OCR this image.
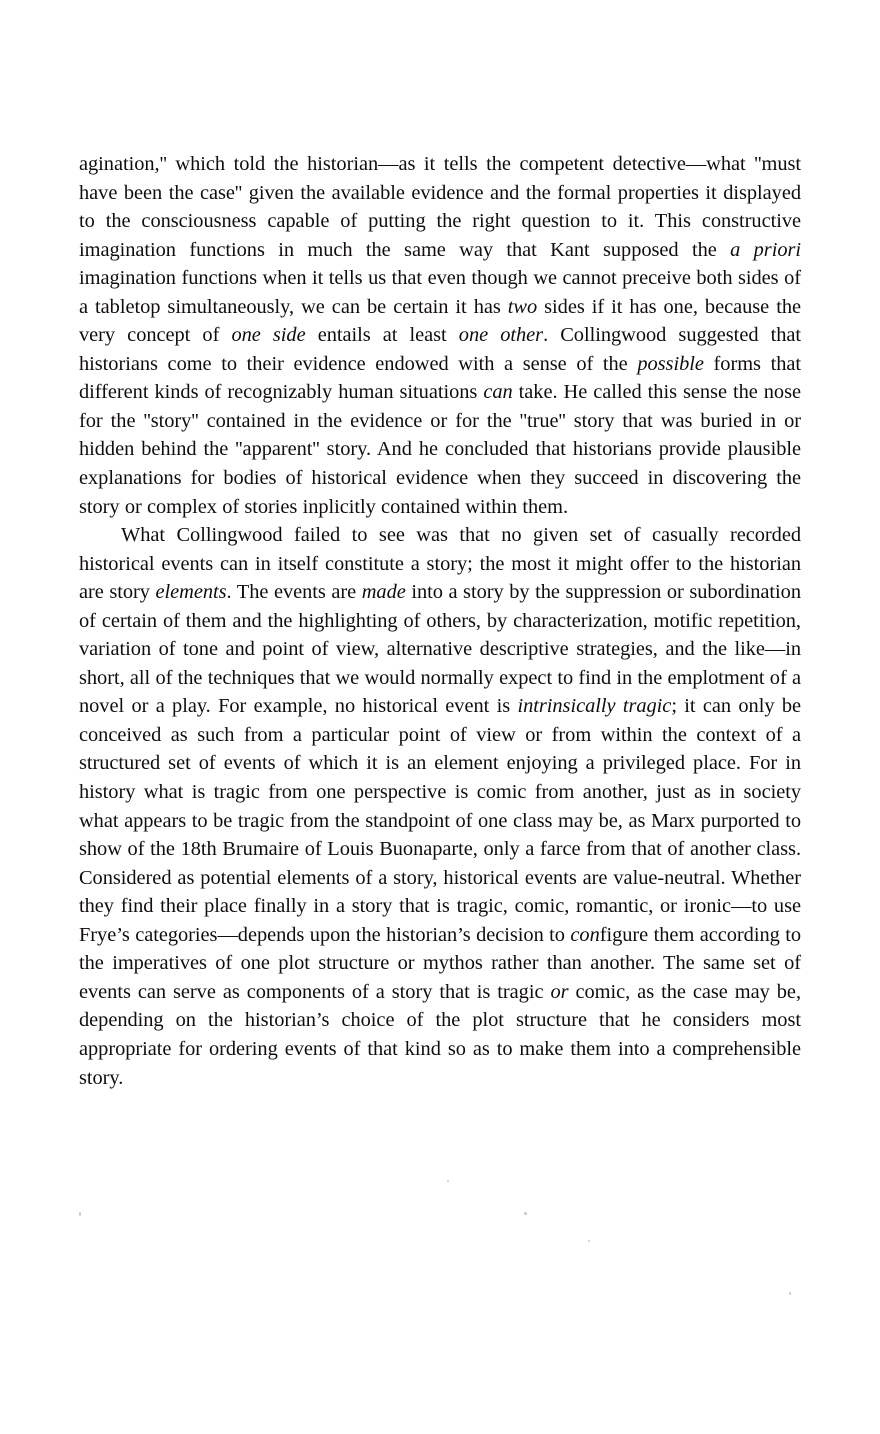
agination,'' which told the historian—as it tells the competent detective—what ''must have been the case'' given the available evidence and the formal properties it displayed to the consciousness capable of putting the right question to it. This constructive imagination functions in much the same way that Kant supposed the a priori imagination functions when it tells us that even though we cannot preceive both sides of a tabletop simultaneously, we can be certain it has two sides if it has one, because the very concept of one side entails at least one other. Collingwood suggested that historians come to their evidence endowed with a sense of the possible forms that different kinds of recognizably human situations can take. He called this sense the nose for the ''story'' contained in the evidence or for the ''true'' story that was buried in or hidden behind the ''apparent'' story. And he concluded that historians provide plausible explanations for bodies of historical evidence when they succeed in discovering the story or complex of stories inplicitly contained within them.

What Collingwood failed to see was that no given set of casually recorded historical events can in itself constitute a story; the most it might offer to the historian are story elements. The events are made into a story by the suppression or subordination of certain of them and the highlighting of others, by characterization, motific repetition, variation of tone and point of view, alternative descriptive strategies, and the like—in short, all of the techniques that we would normally expect to find in the emplotment of a novel or a play. For example, no historical event is intrinsically tragic; it can only be conceived as such from a particular point of view or from within the context of a structured set of events of which it is an element enjoying a privileged place. For in history what is tragic from one perspective is comic from another, just as in society what appears to be tragic from the standpoint of one class may be, as Marx purported to show of the 18th Brumaire of Louis Buonaparte, only a farce from that of another class. Considered as potential elements of a story, historical events are value-neutral. Whether they find their place finally in a story that is tragic, comic, romantic, or ironic—to use Frye’s categories—depends upon the historian’s decision to configure them according to the imperatives of one plot structure or mythos rather than another. The same set of events can serve as components of a story that is tragic or comic, as the case may be, depending on the historian’s choice of the plot structure that he considers most appropriate for ordering events of that kind so as to make them into a comprehensible story.
